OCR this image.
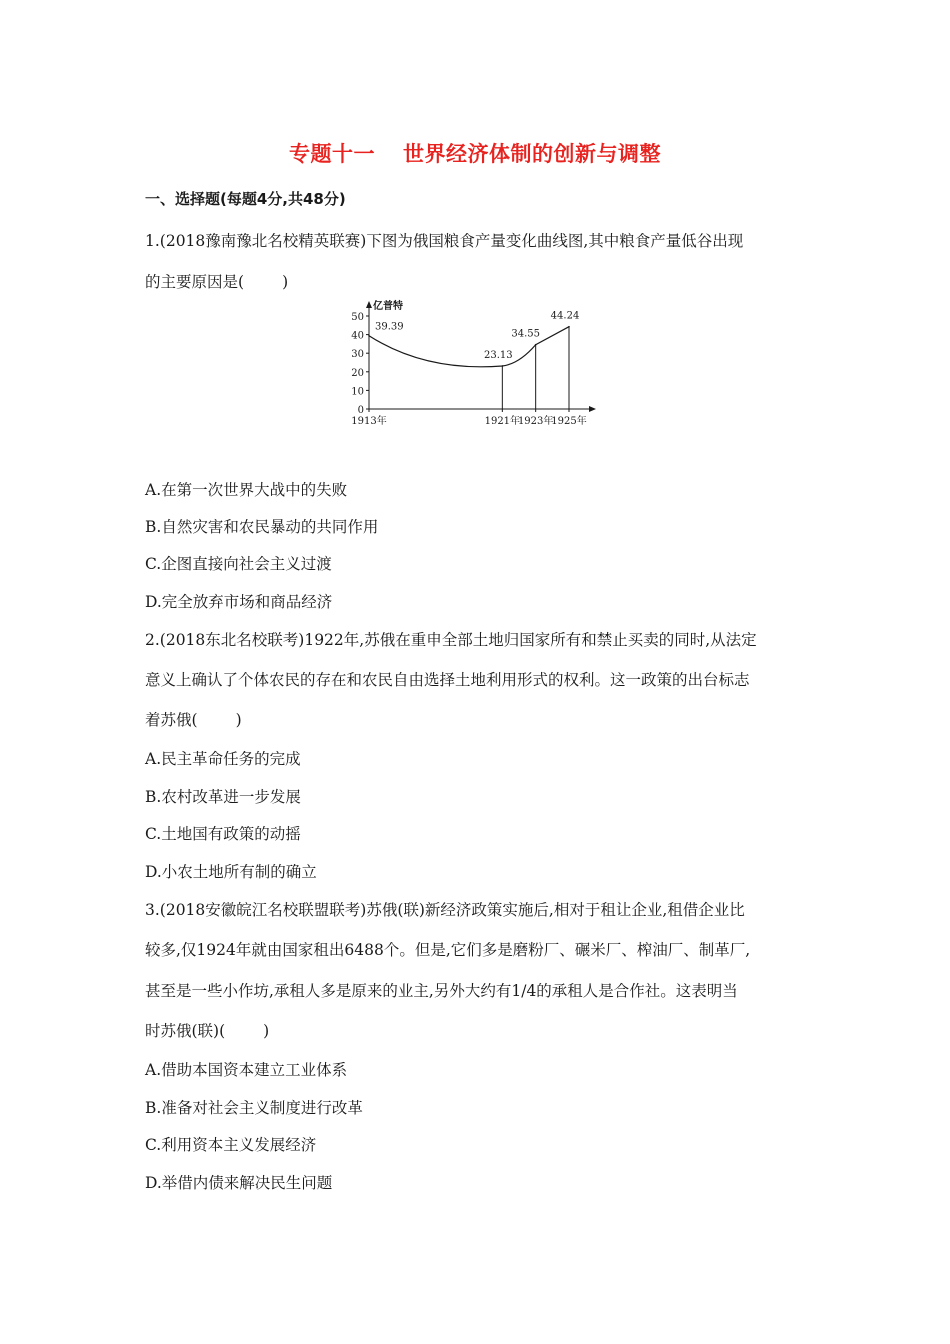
专题十一 世界经济体制的创新与调整
一、选择题(每题4分,共48分)
1.(2018豫南豫北名校精英联赛)下图为俄国粮食产量变化曲线图,其中粮食产量低谷出现
的主要原因是( )
亿普特
0
10
20
30
40
50
1913年	1921年
1923年
1925年
39.39
23.13
34.55
44.24
A.在第一次世界大战中的失败
B.自然灾害和农民暴动的共同作用
C.企图直接向社会主义过渡
D.完全放弃市场和商品经济
2.(2018东北名校联考)1922年,苏俄在重申全部土地归国家所有和禁止买卖的同时,从法定
意义上确认了个体农民的存在和农民自由选择土地利用形式的权利。这一政策的出台标志
着苏俄( )
A.民主革命任务的完成
B.农村改革进一步发展
C.土地国有政策的动摇
D.小农土地所有制的确立
3.(2018安徽皖江名校联盟联考)苏俄(联)新经济政策实施后,相对于租让企业,租借企业比
较多,仅1924年就由国家租出6488个。但是,它们多是磨粉厂、碾米厂、榨油厂、制革厂,
甚至是一些小作坊,承租人多是原来的业主,另外大约有1/4的承租人是合作社。这表明当
时苏俄(联)( )
A.借助本国资本建立工业体系
B.准备对社会主义制度进行改革
C.利用资本主义发展经济
D.举借内债来解决民生问题
